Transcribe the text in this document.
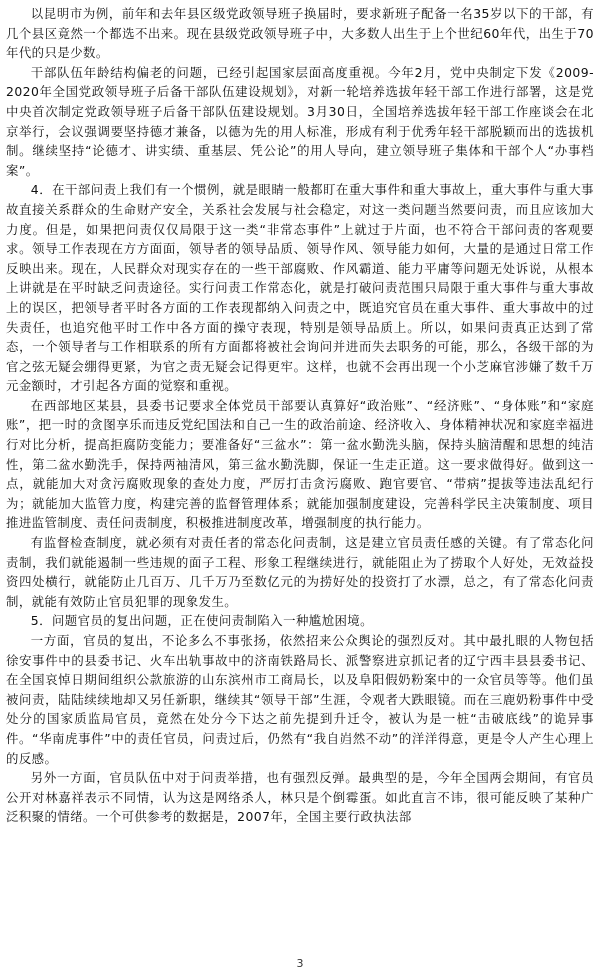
以昆明市为例，前年和去年县区级党政领导班子换届时，要求新班子配备一名35岁以下的干部，有几个县区竟然一个都选不出来。现在县级党政领导班子中，大多数人出生于上个世纪60年代，出生于70年代的只是少数。

干部队伍年龄结构偏老的问题，已经引起国家层面高度重视。今年2月，党中央制定下发《2009-2020年全国党政领导班子后备干部队伍建设规划》，对新一轮培养选拔年轻干部工作进行部署，这是党中央首次制定党政领导班子后备干部队伍建设规划。3月30日，全国培养选拔年轻干部工作座谈会在北京举行，会议强调要坚持德才兼备，以德为先的用人标准，形成有利于优秀年轻干部脱颖而出的选拔机制。继续坚持“论德才、讲实绩、重基层、凭公论”的用人导向，建立领导班子集体和干部个人“办事档案”。

4．在干部问责上我们有一个惯例，就是眼睛一般都盯在重大事件和重大事故上，重大事件与重大事故直接关系群众的生命财产安全，关系社会发展与社会稳定，对这一类问题当然要问责，而且应该加大力度。但是，如果把问责仅仅局限于这一类“非常态事件”上就过于片面，也不符合干部问责的客观要求。领导工作表现在方方面面，领导者的领导品质、领导作风、领导能力如何，大量的是通过日常工作反映出来。现在，人民群众对现实存在的一些干部腐败、作风霸道、能力平庸等问题无处诉说，从根本上讲就是在平时缺乏问责途径。实行问责工作常态化，就是打破问责范围只局限于重大事件与重大事故上的误区，把领导者平时各方面的工作表现都纳入问责之中，既追究官员在重大事件、重大事故中的过失责任，也追究他平时工作中各方面的操守表现，特别是领导品质上。所以，如果问责真正达到了常态，一个领导者与工作相联系的所有方面都将被社会询问并进而失去职务的可能，那么，各级干部的为官之弦无疑会绷得更紧，为官之责无疑会记得更牢。这样，也就不会再出现一个小芝麻官涉嫌了数千万元金额时，才引起各方面的觉察和重视。

在西部地区某县，县委书记要求全体党员干部要认真算好“政治账”、“经济账”、“身体账”和“家庭账”，把一时的贪图享乐而违反党纪国法和自己一生的政治前途、经济收入、身体精神状况和家庭幸福进行对比分析，提高拒腐防变能力；要准备好“三盆水”：第一盆水勤洗头脑，保持头脑清醒和思想的纯洁性，第二盆水勤洗手，保持两袖清风，第三盆水勤洗脚，保证一生走正道。这一要求做得好。做到这一点，就能加大对贪污腐败现象的查处力度，严厉打击贪污腐败、跑官要官、“带病”提拔等违法乱纪行为；就能加大监管力度，构建完善的监督管理体系；就能加强制度建设，完善科学民主决策制度、项目推进监管制度、责任问责制度，积极推进制度改革，增强制度的执行能力。

有监督检查制度，就必须有对责任者的常态化问责制，这是建立官员责任感的关键。有了常态化问责制，我们就能遏制一些违规的面子工程、形象工程继续进行，就能阻止为了捞取个人好处，无效益投资四处横行，就能防止几百万、几千万乃至数亿元的为捞好处的投资打了水漂，总之，有了常态化问责制，就能有效防止官员犯罪的现象发生。

5．问题官员的复出问题，正在使问责制陷入一种尴尬困境。

一方面，官员的复出，不论多么不事张扬，依然招来公众舆论的强烈反对。其中最扎眼的人物包括徐安事件中的县委书记、火车出轨事故中的济南铁路局长、派警察进京抓记者的辽宁西丰县县委书记、在全国哀悼日期间组织公款旅游的山东滨州市工商局长，以及阜阳假奶粉案中的一众官员等等。他们虽被问责，陆陆续续地却又另任新职，继续其“领导干部”生涯，令观者大跌眼镜。而在三鹿奶粉事件中受处分的国家质监局官员，竟然在处分今下达之前先提到升迁令，被认为是一桩“击破底线”的诡异事件。“华南虎事件”中的责任官员，问责过后，仍然有“我自岿然不动”的洋洋得意，更是令人产生心理上的反感。

另外一方面，官员队伍中对于问责举措，也有强烈反弹。最典型的是，今年全国两会期间，有官员公开对林嘉祥表示不同情，认为这是网络杀人，林只是个倒霉蛋。如此直言不讳，很可能反映了某种广泛积聚的情绪。一个可供参考的数据是，2007年，全国主要行政执法部

3
